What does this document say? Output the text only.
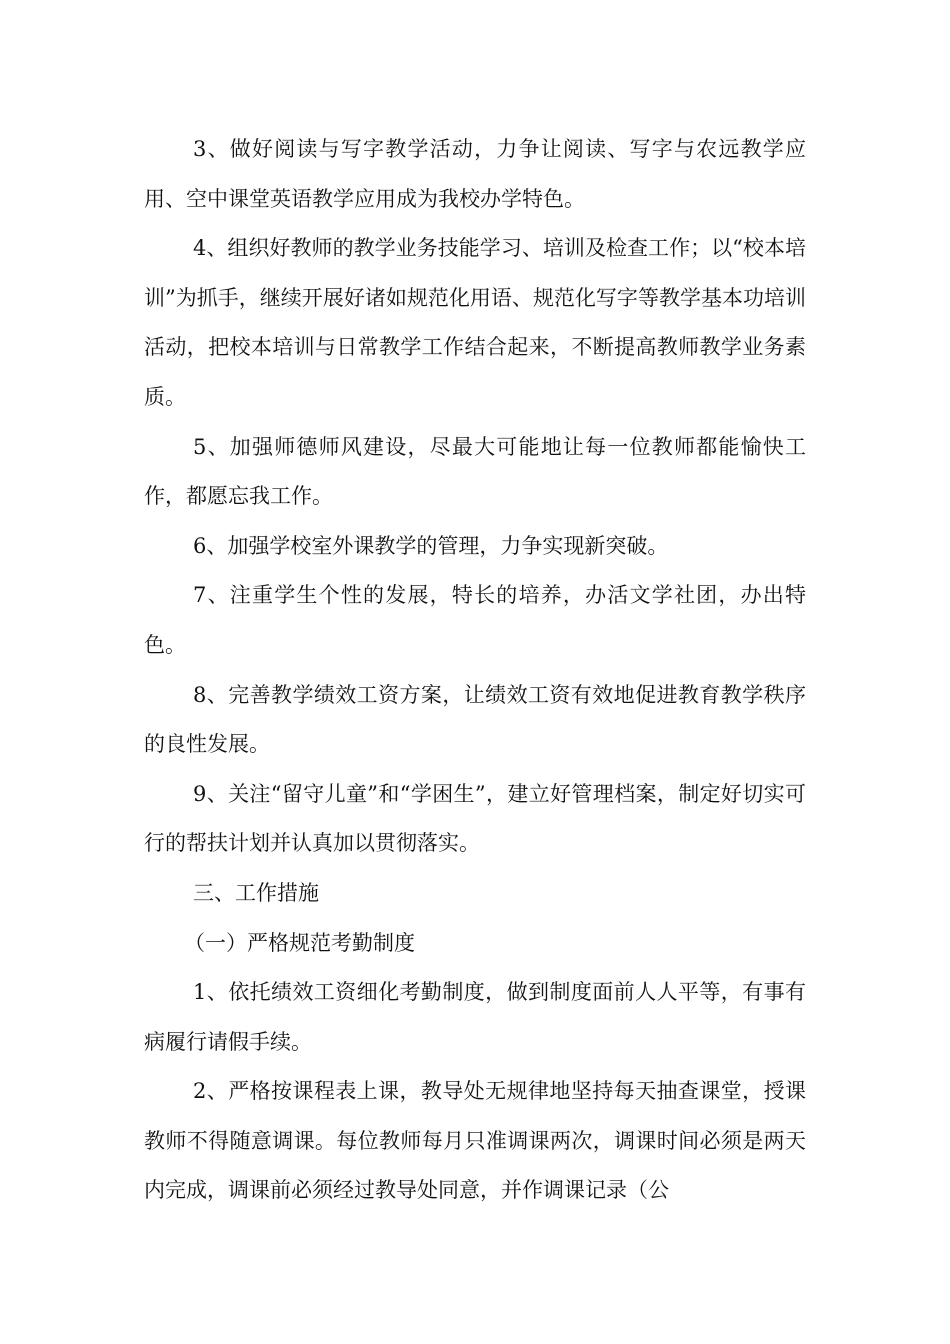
3、做好阅读与写字教学活动，力争让阅读、写字与农远教学应用、空中课堂英语教学应用成为我校办学特色。

4、组织好教师的教学业务技能学习、培训及检查工作；以“校本培训”为抓手，继续开展好诸如规范化用语、规范化写字等教学基本功培训活动，把校本培训与日常教学工作结合起来，不断提高教师教学业务素质。

5、加强师德师风建设，尽最大可能地让每一位教师都能愉快工作，都愿忘我工作。

6、加强学校室外课教学的管理，力争实现新突破。

7、注重学生个性的发展，特长的培养，办活文学社团，办出特色。

8、完善教学绩效工资方案，让绩效工资有效地促进教育教学秩序的良性发展。

9、关注“留守儿童”和“学困生”，建立好管理档案，制定好切实可行的帮扶计划并认真加以贯彻落实。

三、工作措施

（一）严格规范考勤制度

1、依托绩效工资细化考勤制度，做到制度面前人人平等，有事有病履行请假手续。

2、严格按课程表上课，教导处无规律地坚持每天抽查课堂，授课教师不得随意调课。每位教师每月只准调课两次，调课时间必须是两天内完成，调课前必须经过教导处同意，并作调课记录（公
